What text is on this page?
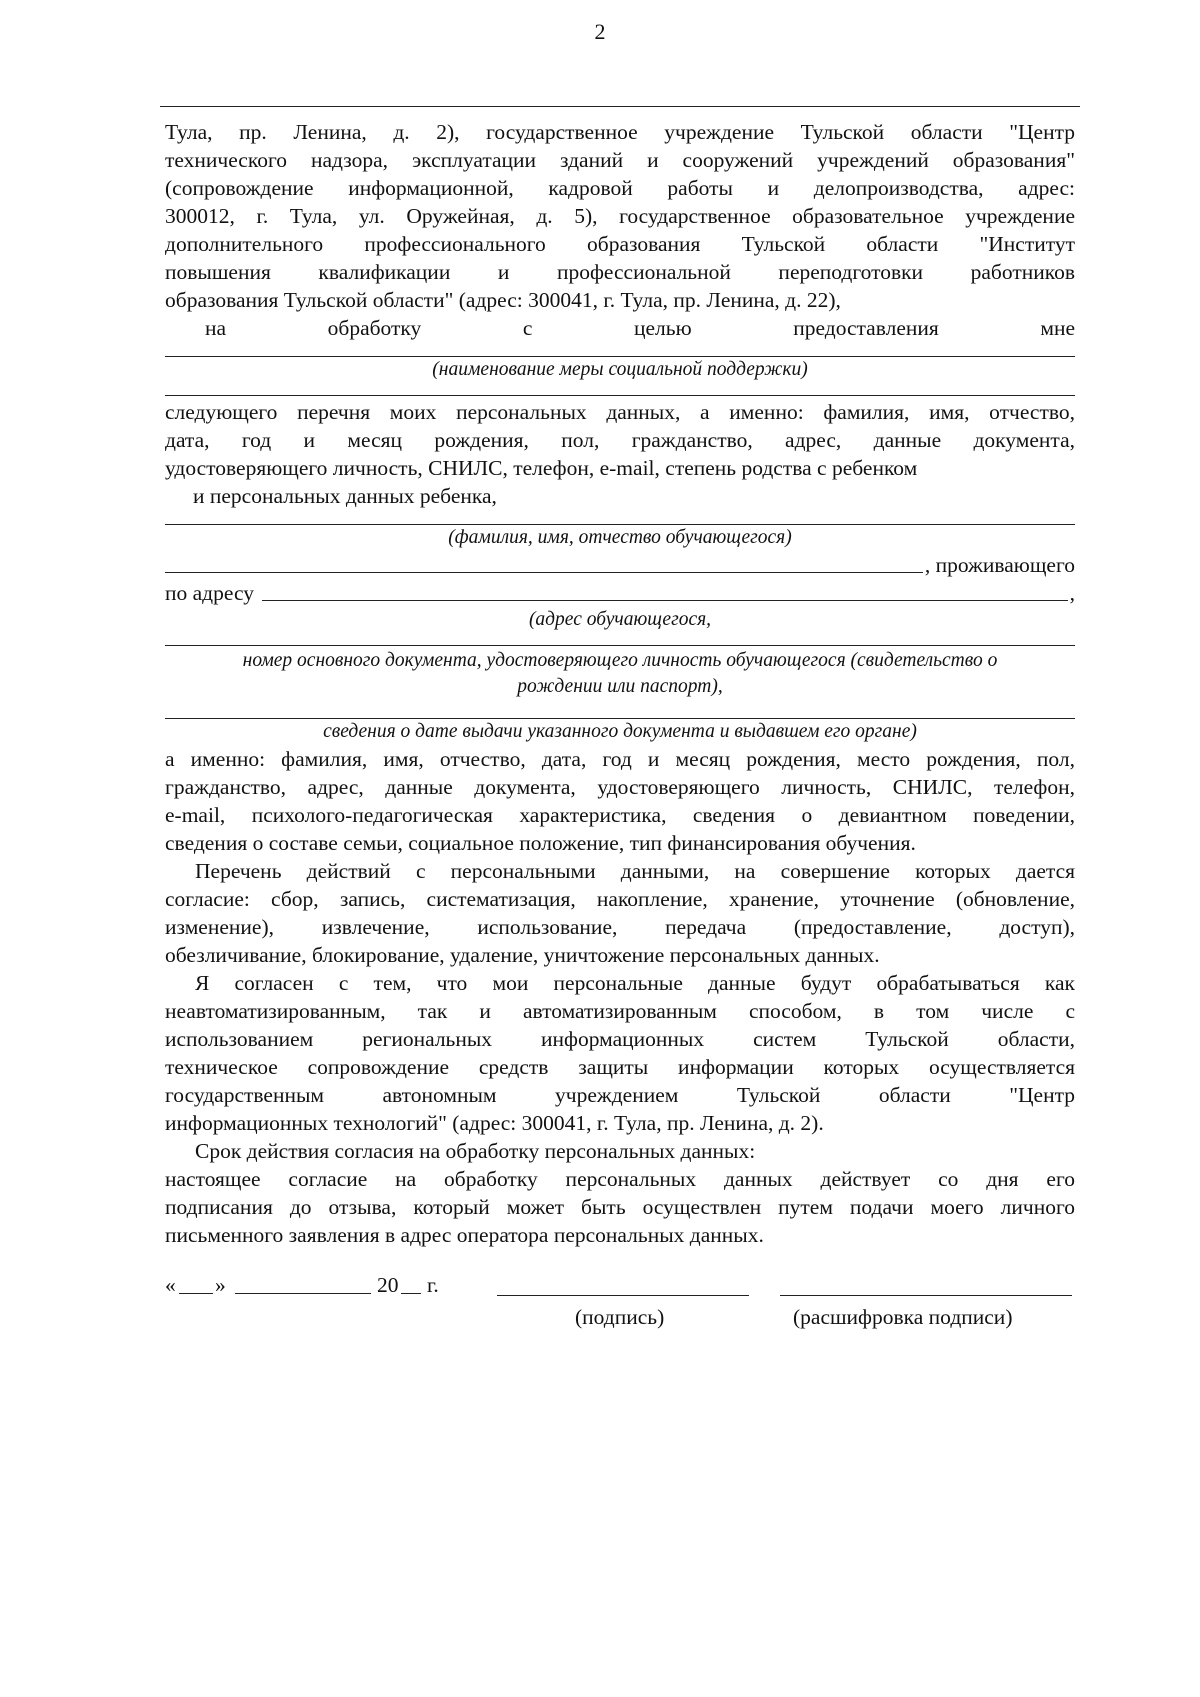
2

Тула, пр. Ленина, д. 2), государственное учреждение Тульской области "Центр

технического надзора, эксплуатации зданий и сооружений учреждений образования"

(сопровождение информационной, кадровой работы и делопроизводства, адрес:

300012, г. Тула, ул. Оружейная, д. 5), государственное образовательное учреждение

дополнительного профессионального образования Тульской области "Институт

повышения квалификации и профессиональной переподготовки работников

образования Тульской области" (адрес: 300041, г. Тула, пр. Ленина, д. 22),

на обработку с целью предоставления мне

(наименование меры социальной поддержки)

следующего перечня моих персональных данных, а именно: фамилия, имя, отчество,

дата, год и месяц рождения, пол, гражданство, адрес, данные документа,

удостоверяющего личность, СНИЛС, телефон, e-mail, степень родства с ребенком

и персональных данных ребенка,

(фамилия, имя, отчество обучающегося)

, проживающего
по адресу	,

(адрес обучающегося,

номер основного документа, удостоверяющего личность обучающегося (свидетельство о

рождении или паспорт),

сведения о дате выдачи указанного документа и выдавшем его органе)

а именно: фамилия, имя, отчество, дата, год и месяц рождения, место рождения, пол,

гражданство, адрес, данные документа, удостоверяющего личность, СНИЛС, телефон,

e-mail, психолого-педагогическая характеристика, сведения о девиантном поведении,

сведения о составе семьи, социальное положение, тип финансирования обучения.

Перечень действий с персональными данными, на совершение которых дается

согласие: сбор, запись, систематизация, накопление, хранение, уточнение (обновление,

изменение), извлечение, использование, передача (предоставление, доступ),

обезличивание, блокирование, удаление, уничтожение персональных данных.

Я согласен с тем, что мои персональные данные будут обрабатываться как

неавтоматизированным, так и автоматизированным способом, в том числе с

использованием региональных информационных систем Тульской области,

техническое сопровождение средств защиты информации которых осуществляется

государственным автономным учреждением Тульской области "Центр

информационных технологий" (адрес: 300041, г. Тула, пр. Ленина, д. 2).

Срок действия согласия на обработку персональных данных:

настоящее согласие на обработку персональных данных действует со дня его

подписания до отзыва, который может быть осуществлен путем подачи моего личного

письменного заявления в адрес оператора персональных данных.

« »	20 г.
(подпись)	(расшифровка подписи)
